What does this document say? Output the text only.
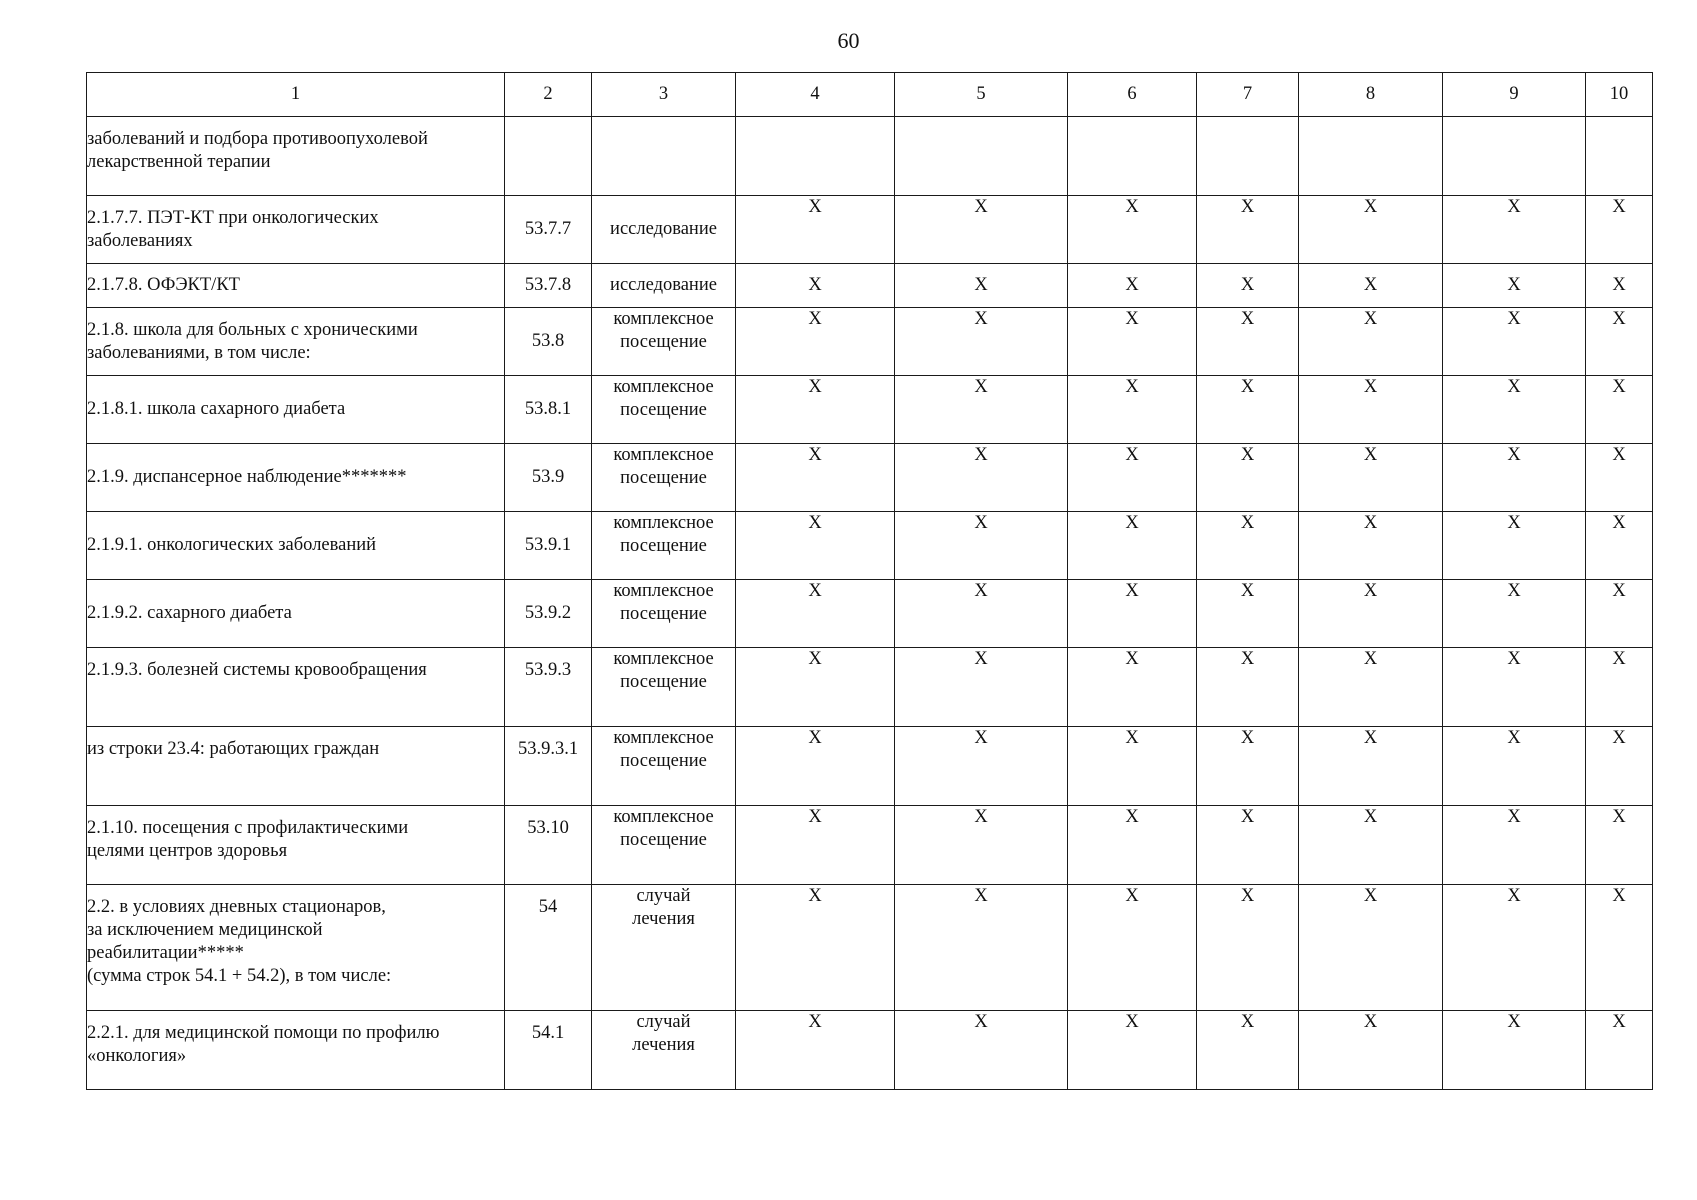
60
1	2	3	4	5	6	7	8	9	10

заболеваний и подбора противоопухолевой
лекарственной терапии									

2.1.7.7. ПЭТ-КТ при онкологических
заболеваниях	53.7.7	исследование	X	X	X	X	X	X	X

2.1.7.8. ОФЭКТ/КТ	53.7.8	исследование	X	X	X	X	X	X	X

2.1.8. школа для больных с хроническими
заболеваниями, в том числе:	53.8	комплексное
посещение	X	X	X	X	X	X	X

2.1.8.1. школа сахарного диабета	53.8.1	комплексное
посещение	X	X	X	X	X	X	X

2.1.9. диспансерное наблюдение*******	53.9	комплексное
посещение	X	X	X	X	X	X	X

2.1.9.1. онкологических заболеваний	53.9.1	комплексное
посещение	X	X	X	X	X	X	X

2.1.9.2. сахарного диабета	53.9.2	комплексное
посещение	X	X	X	X	X	X	X

2.1.9.3. болезней системы кровообращения	53.9.3	комплексное
посещение	X	X	X	X	X	X	X

из строки 23.4: работающих граждан	53.9.3.1	комплексное
посещение	X	X	X	X	X	X	X

2.1.10. посещения с профилактическими
целями центров здоровья	53.10	комплексное
посещение	X	X	X	X	X	X	X

2.2. в условиях дневных стационаров,
за исключением медицинской
реабилитации*****
(сумма строк 54.1 + 54.2), в том числе:	54	случай
лечения	X	X	X	X	X	X	X

2.2.1. для медицинской помощи по профилю
«онкология»	54.1	случай
лечения	X	X	X	X	X	X	X
